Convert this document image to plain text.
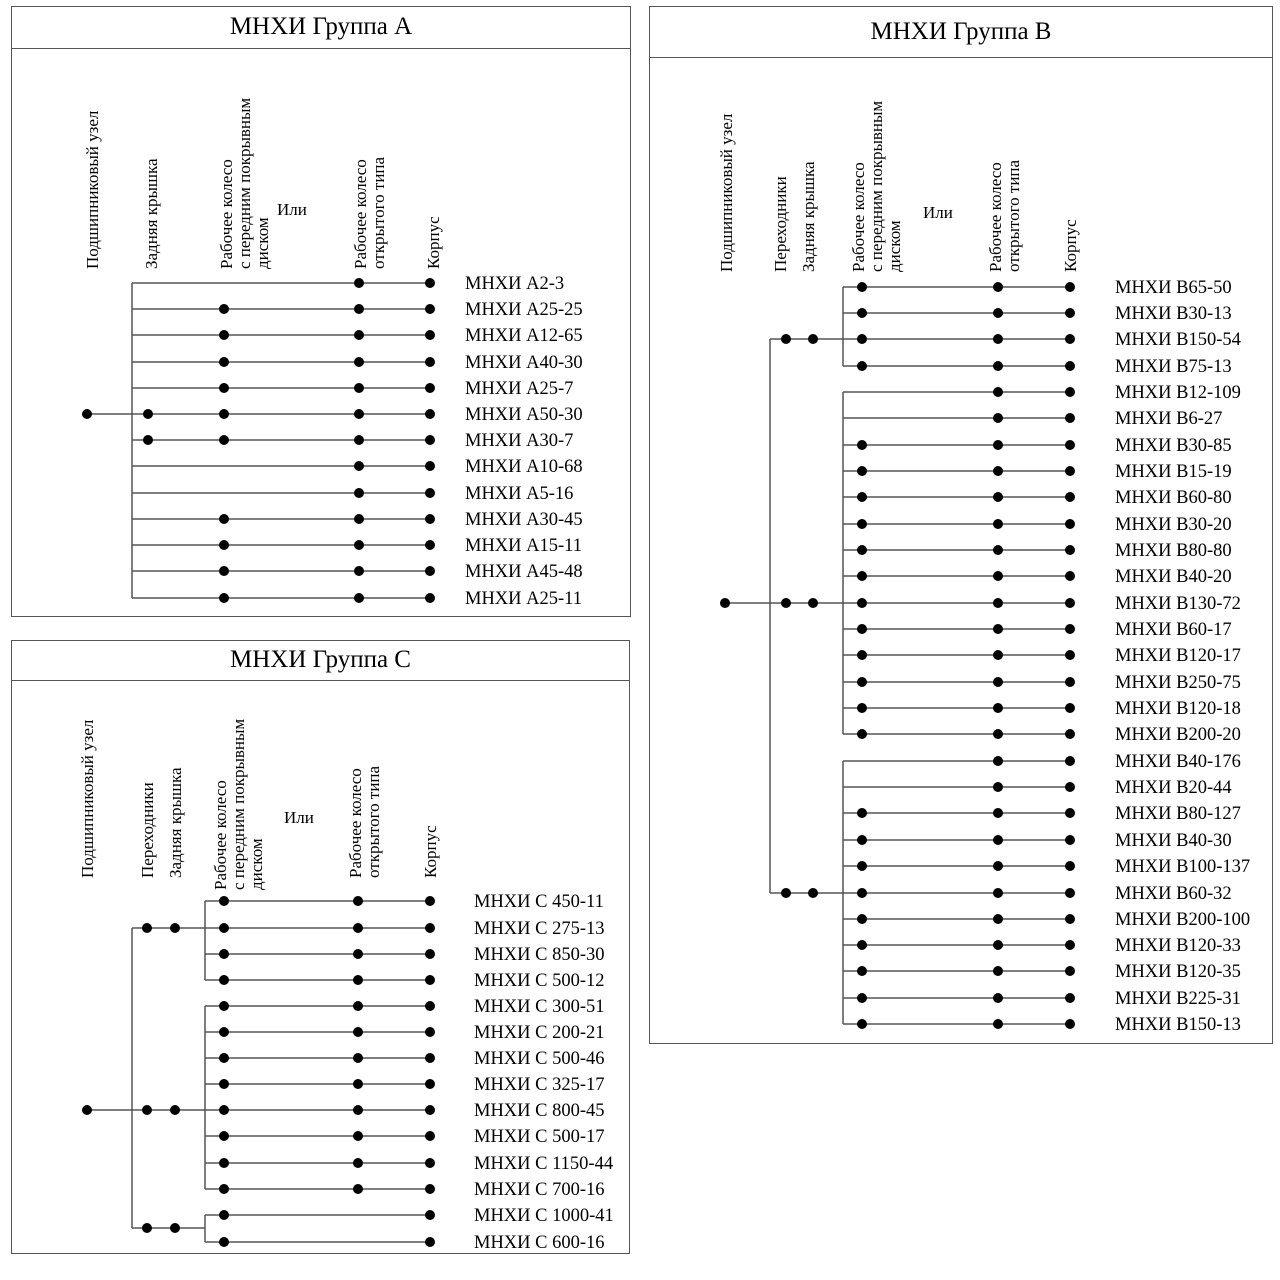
МНХИ Группа А
Подшипниковый узел Задняя крышка	Рабочее колесо с передним покрывным диском
Или	Рабочее колесо открытого типа Корпус
МНХИ А2-3
МНХИ А25-25
МНХИ А12-65
МНХИ А40-30
МНХИ А25-7
МНХИ А50-30
МНХИ А30-7
МНХИ А10-68
МНХИ А5-16
МНХИ А30-45
МНХИ А15-11
МНХИ А45-48
МНХИ А25-11
МНХИ Группа В
Подшипниковый узел Переходники Задняя крышка Рабочее колесо с передним покрывным диском
Или Рабочее колесо открытого типа Корпус
МНХИ В65-50
МНХИ В30-13
МНХИ В150-54
МНХИ В75-13
МНХИ В12-109
МНХИ В6-27
МНХИ В30-85
МНХИ В15-19
МНХИ В60-80
МНХИ В30-20
МНХИ В80-80
МНХИ В40-20
МНХИ В130-72
МНХИ В60-17
МНХИ В120-17
МНХИ В250-75
МНХИ В120-18
МНХИ В200-20
МНХИ В40-176
МНХИ В20-44
МНХИ В80-127
МНХИ В40-30
МНХИ В100-137
МНХИ В60-32
МНХИ В200-100
МНХИ В120-33
МНХИ В120-35
МНХИ В225-31
МНХИ В150-13
МНХИ Группа С
Подшипниковый узел Переходники Задняя крышка Рабочее колесо с передним покрывным диском
Или Рабочее колесо открытого типа Корпус
МНХИ С 450-11
МНХИ С 275-13
МНХИ С 850-30
МНХИ С 500-12
МНХИ С 300-51
МНХИ С 200-21
МНХИ С 500-46
МНХИ С 325-17
МНХИ С 800-45
МНХИ С 500-17
МНХИ С 1150-44
МНХИ С 700-16
МНХИ С 1000-41
МНХИ С 600-16
